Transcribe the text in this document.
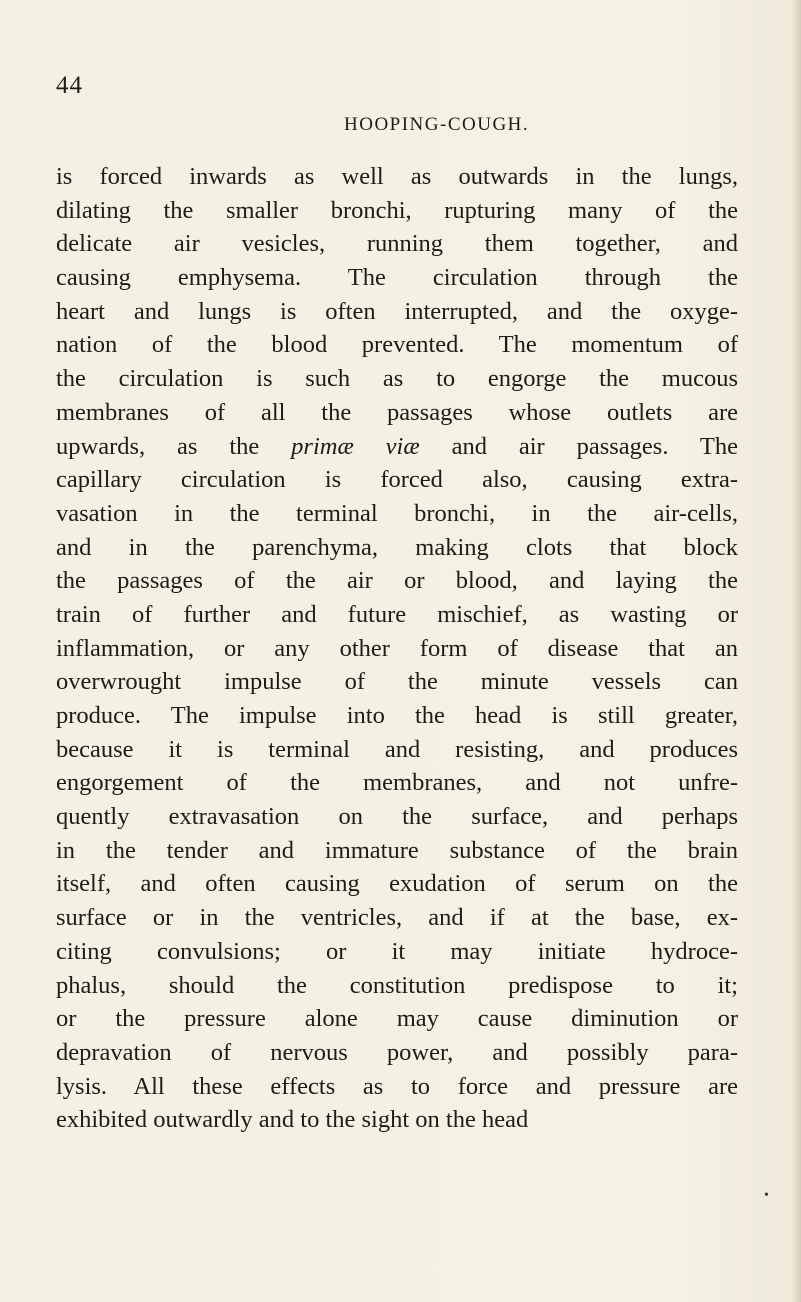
44
HOOPING-COUGH.
is forced inwards as well as outwards in the lungs,
dilating the smaller bronchi, rupturing many of the
delicate air vesicles, running them together, and
causing emphysema. The circulation through the
heart and lungs is often interrupted, and the oxyge-
nation of the blood prevented. The momentum of
the circulation is such as to engorge the mucous
membranes of all the passages whose outlets are
upwards, as the primæ viæ and air passages. The
capillary circulation is forced also, causing extra-
vasation in the terminal bronchi, in the air-cells,
and in the parenchyma, making clots that block
the passages of the air or blood, and laying the
train of further and future mischief, as wasting or
inflammation, or any other form of disease that an
overwrought impulse of the minute vessels can
produce. The impulse into the head is still greater,
because it is terminal and resisting, and produces
engorgement of the membranes, and not unfre-
quently extravasation on the surface, and perhaps
in the tender and immature substance of the brain
itself, and often causing exudation of serum on the
surface or in the ventricles, and if at the base, ex-
citing convulsions; or it may initiate hydroce-
phalus, should the constitution predispose to it;
or the pressure alone may cause diminution or
depravation of nervous power, and possibly para-
lysis. All these effects as to force and pressure are
exhibited outwardly and to the sight on the head
•
